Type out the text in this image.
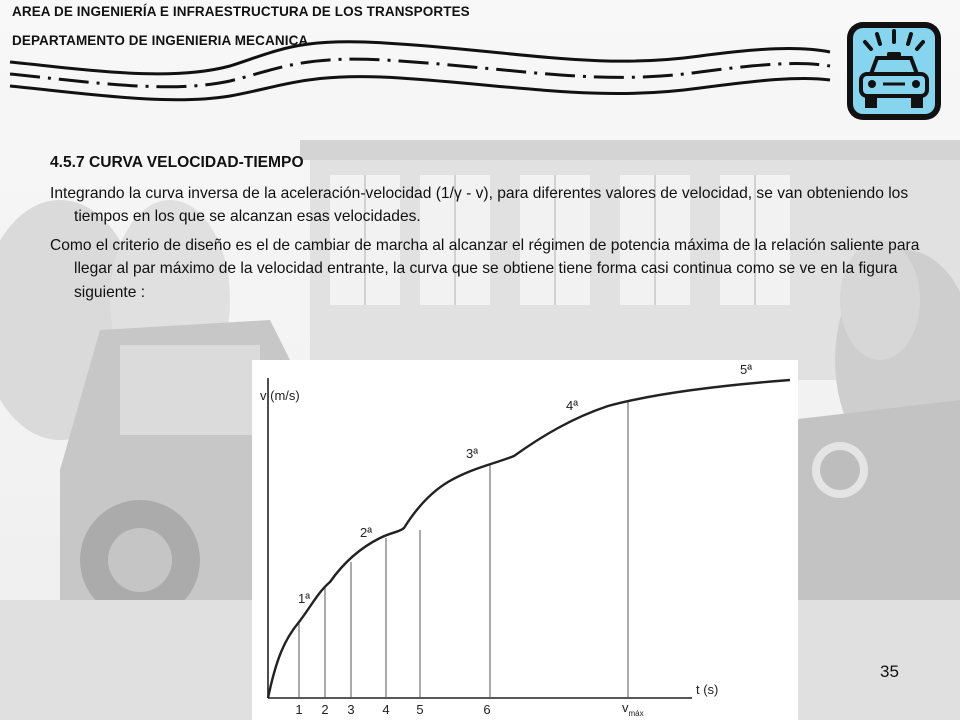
AREA DE INGENIERÍA E INFRAESTRUCTURA DE LOS TRANSPORTES
DEPARTAMENTO DE INGENIERIA MECANICA
4.5.7 CURVA VELOCIDAD-TIEMPO

Integrando la curva inversa de la aceleración-velocidad (1/γ - v), para diferentes valores de velocidad, se van obteniendo los tiempos en los que se alcanzan esas velocidades.

Como el criterio de diseño es el de cambiar de marcha al alcanzar el régimen de potencia máxima de la relación saliente para llegar al par máximo de la velocidad entrante, la curva que se obtiene tiene forma casi continua como se ve en la figura siguiente :

v (m/s)
t (s)
1ª
2ª
3ª
4ª
5ª
1 2 3 4 5	6	$v_{máx}$
35
